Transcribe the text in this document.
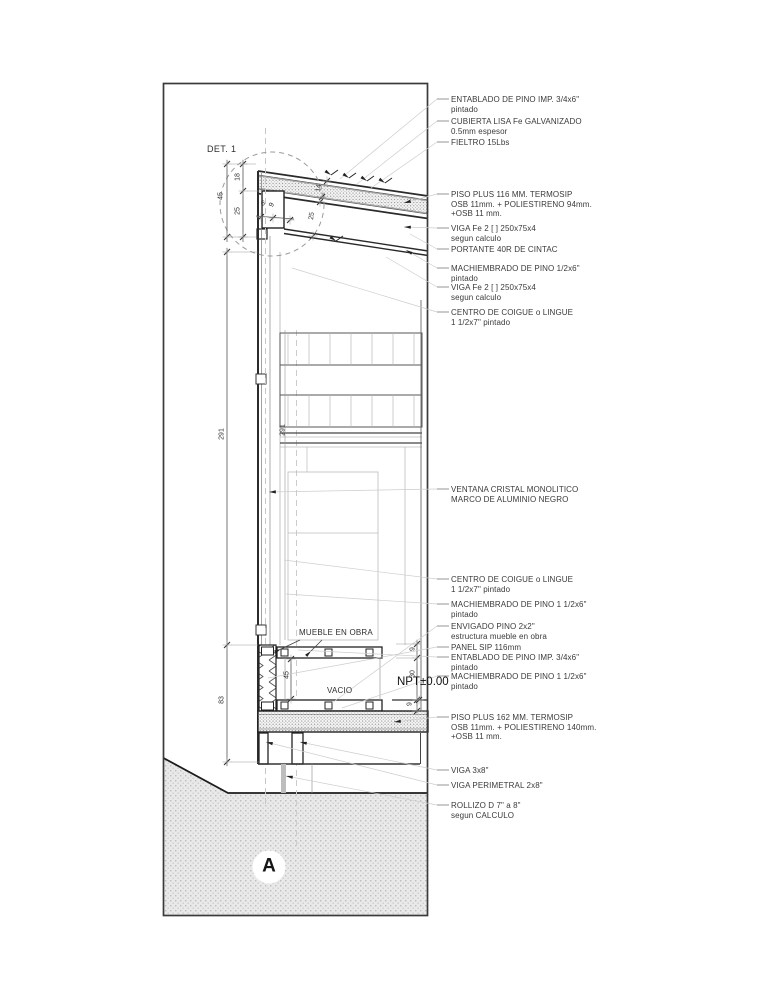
DET. 1
MUEBLE EN OBRA
VACIO
NPT±0.00
A
ENTABLADO DE PINO IMP. 3/4x6"
pintado
CUBIERTA LISA Fe GALVANIZADO
0.5mm espesor
FIELTRO 15Lbs
PISO PLUS 116 MM. TERMOSIP
OSB 11mm. + POLIESTIRENO 94mm.
+OSB 11 mm.
VIGA Fe 2 [ ] 250x75x4
segun calculo
PORTANTE 40R DE CINTAC
MACHIEMBRADO DE PINO 1/2x6"
pintado
VIGA Fe 2 [ ] 250x75x4
segun calculo
CENTRO DE COIGUE o LINGUE
1 1/2x7" pintado
VENTANA CRISTAL MONOLITICO
MARCO DE ALUMINIO NEGRO
CENTRO DE COIGUE o LINGUE
1 1/2x7" pintado
MACHIEMBRADO DE PINO 1 1/2x6"
pintado
ENVIGADO PINO 2x2"
estructura mueble en obra
PANEL SIP 116mm
ENTABLADO DE PINO IMP. 3/4x6"
pintado
MACHIEMBRADO DE PINO 1 1/2x6"
pintado
PISO PLUS 162 MM. TERMOSIP
OSB 11mm. + POLIESTIRENO 140mm.
+OSB 11 mm.
VIGA 3x8"
VIGA PERIMETRAL 2x8"
ROLLIZO D 7" a 8"
segun CALCULO
45
18
25
6 9
14
25
291	291
83
45
9
30
9
